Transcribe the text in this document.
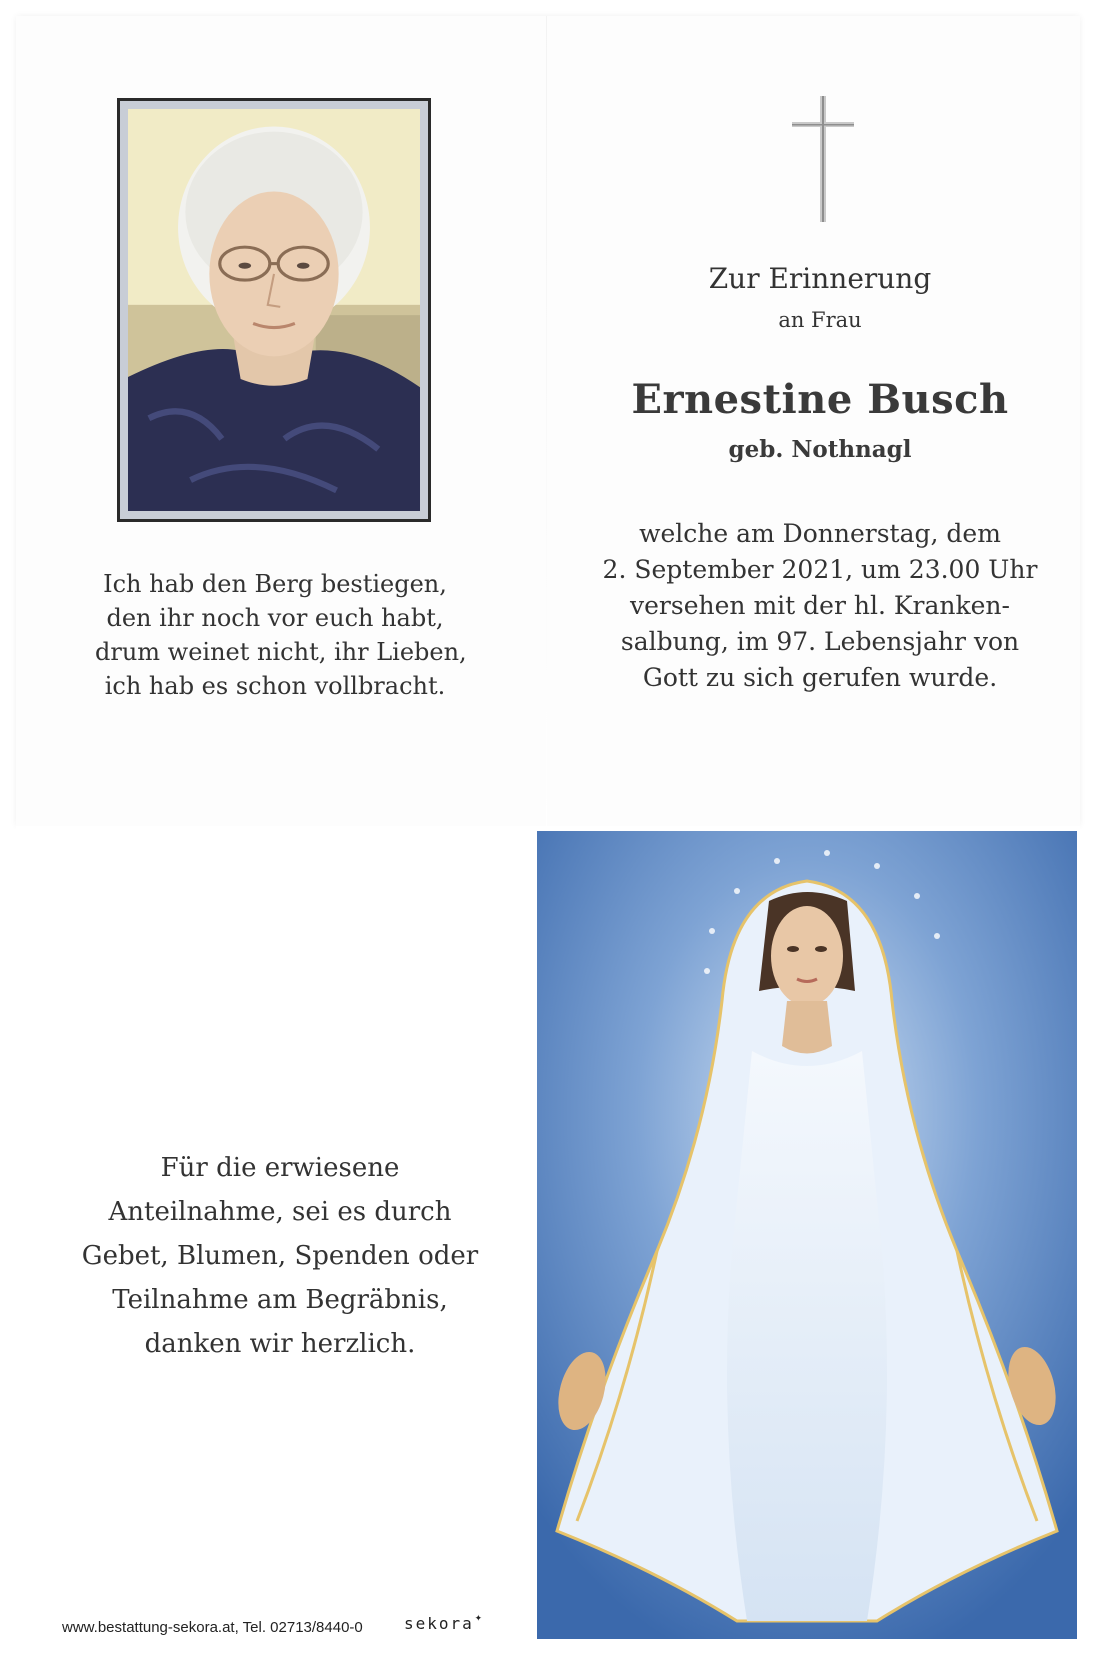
Ich hab den Berg bestiegen,
den ihr noch vor euch habt,
drum weinet nicht, ihr Lieben,
ich hab es schon vollbracht.
Zur Erinnerung
an Frau
Ernestine Busch
geb. Nothnagl
welche am Donnerstag, dem
2. September 2021, um 23.00 Uhr
versehen mit der hl. Kranken-
salbung, im 97. Lebensjahr von
Gott zu sich gerufen wurde.
Für die erwiesene
Anteilnahme, sei es durch
Gebet, Blumen, Spenden oder
Teilnahme am Begräbnis,
danken wir herzlich.
www.bestattung-sekora.at, Tel. 02713/8440-0	sekora✦
